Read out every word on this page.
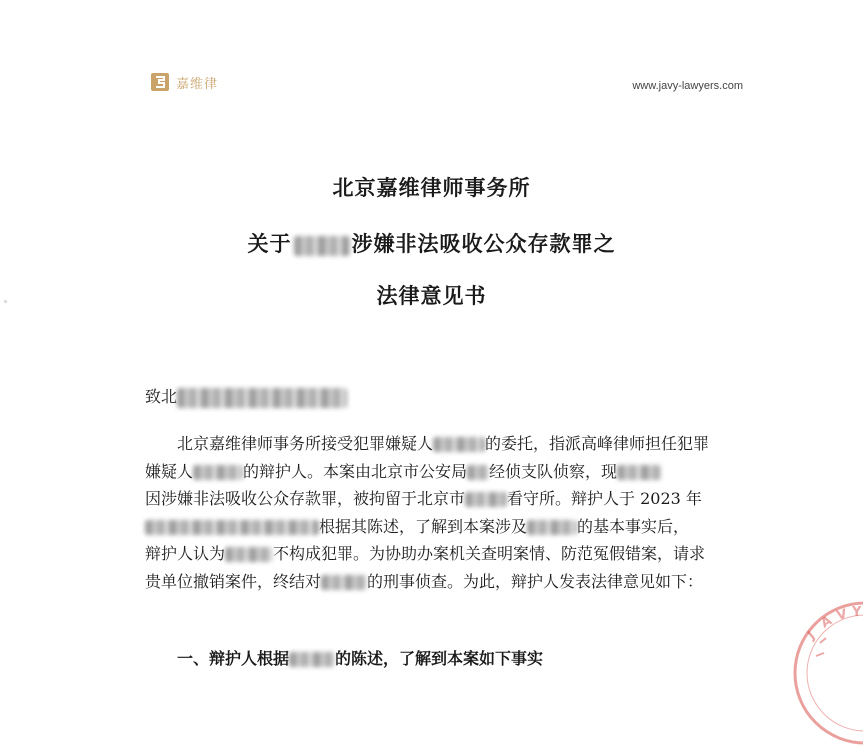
嘉维律	www.javy-lawyers.com
北京嘉维律师事务所
关于	涉嫌非法吸收公众存款罪之
法律意见书
致北

北京嘉维律师事务所接受犯罪嫌疑人	的委托，指派高峰律师担任犯罪

嫌疑人	的辩护人。本案由北京市公安局 经侦支队侦察，现

因涉嫌非法吸收公众存款罪，被拘留于北京市	看守所。辩护人于 2023 年

根据其陈述，了解到本案涉及	的基本事实后，

辩护人认为	不构成犯罪。为协助办案机关查明案情、防范冤假错案，请求

贵单位撤销案件，终结对	的刑事侦查。为此，辩护人发表法律意见如下：

一、辩护人根据	的陈述，了解到本案如下事实
J
A V Y
